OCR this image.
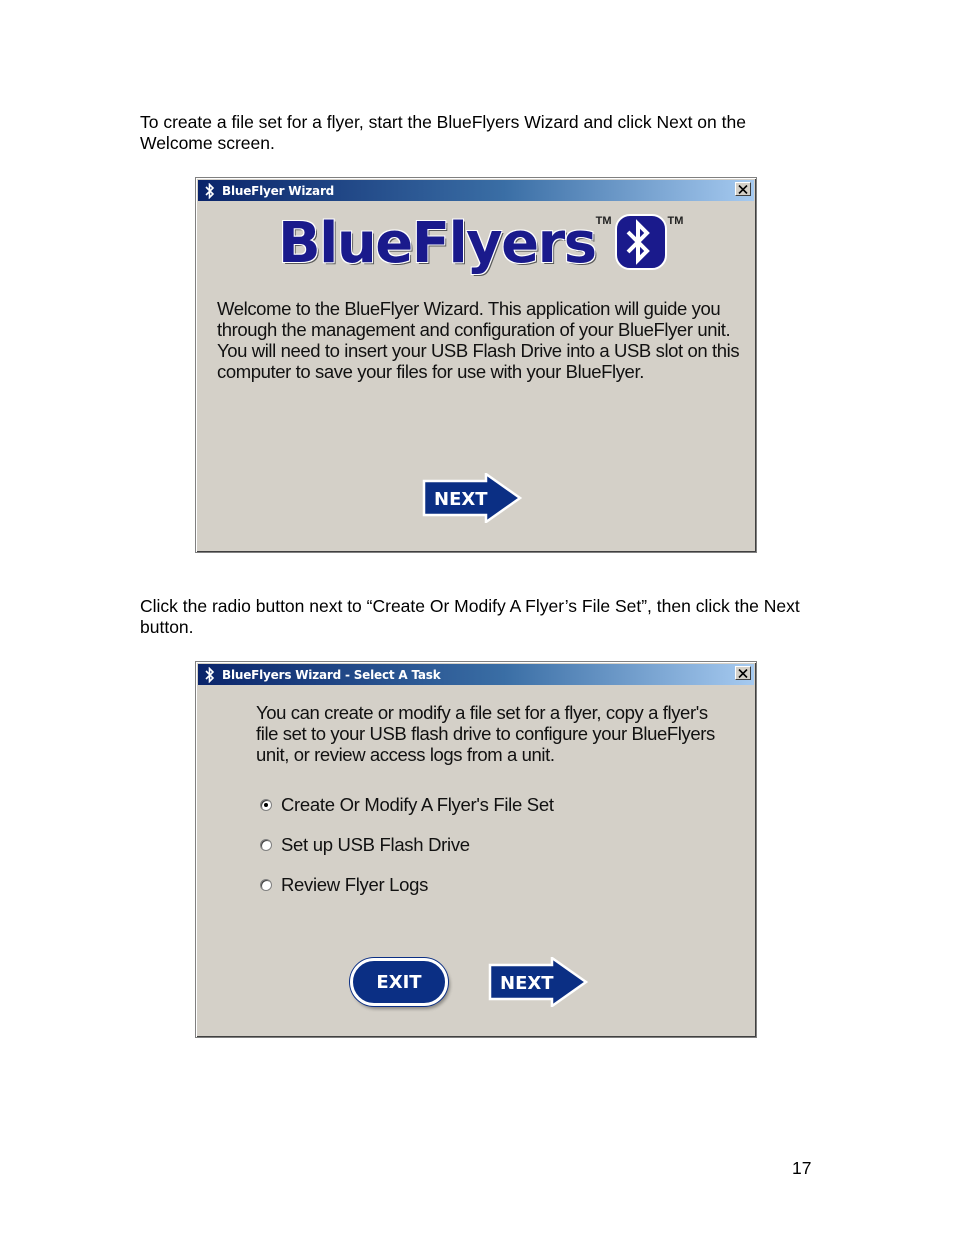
To create a file set for a flyer, start the BlueFlyers Wizard and click Next on the Welcome screen.

BlueFlyer Wizard
BlueFlyers TM	TM
Welcome to the BlueFlyer Wizard. This application will guide you through the management and configuration of your BlueFlyer unit. You will need to insert your USB Flash Drive into a USB slot on this computer to save your files for use with your BlueFlyer.
NEXT

Click the radio button next to “Create Or Modify A Flyer’s File Set”, then click the Next button.

BlueFlyers Wizard - Select A Task
You can create or modify a file set for a flyer, copy a flyer's file set to your USB flash drive to configure your BlueFlyers unit, or review access logs from a unit.
Create Or Modify A Flyer's File Set
Set up USB Flash Drive
Review Flyer Logs
EXIT	NEXT
17
